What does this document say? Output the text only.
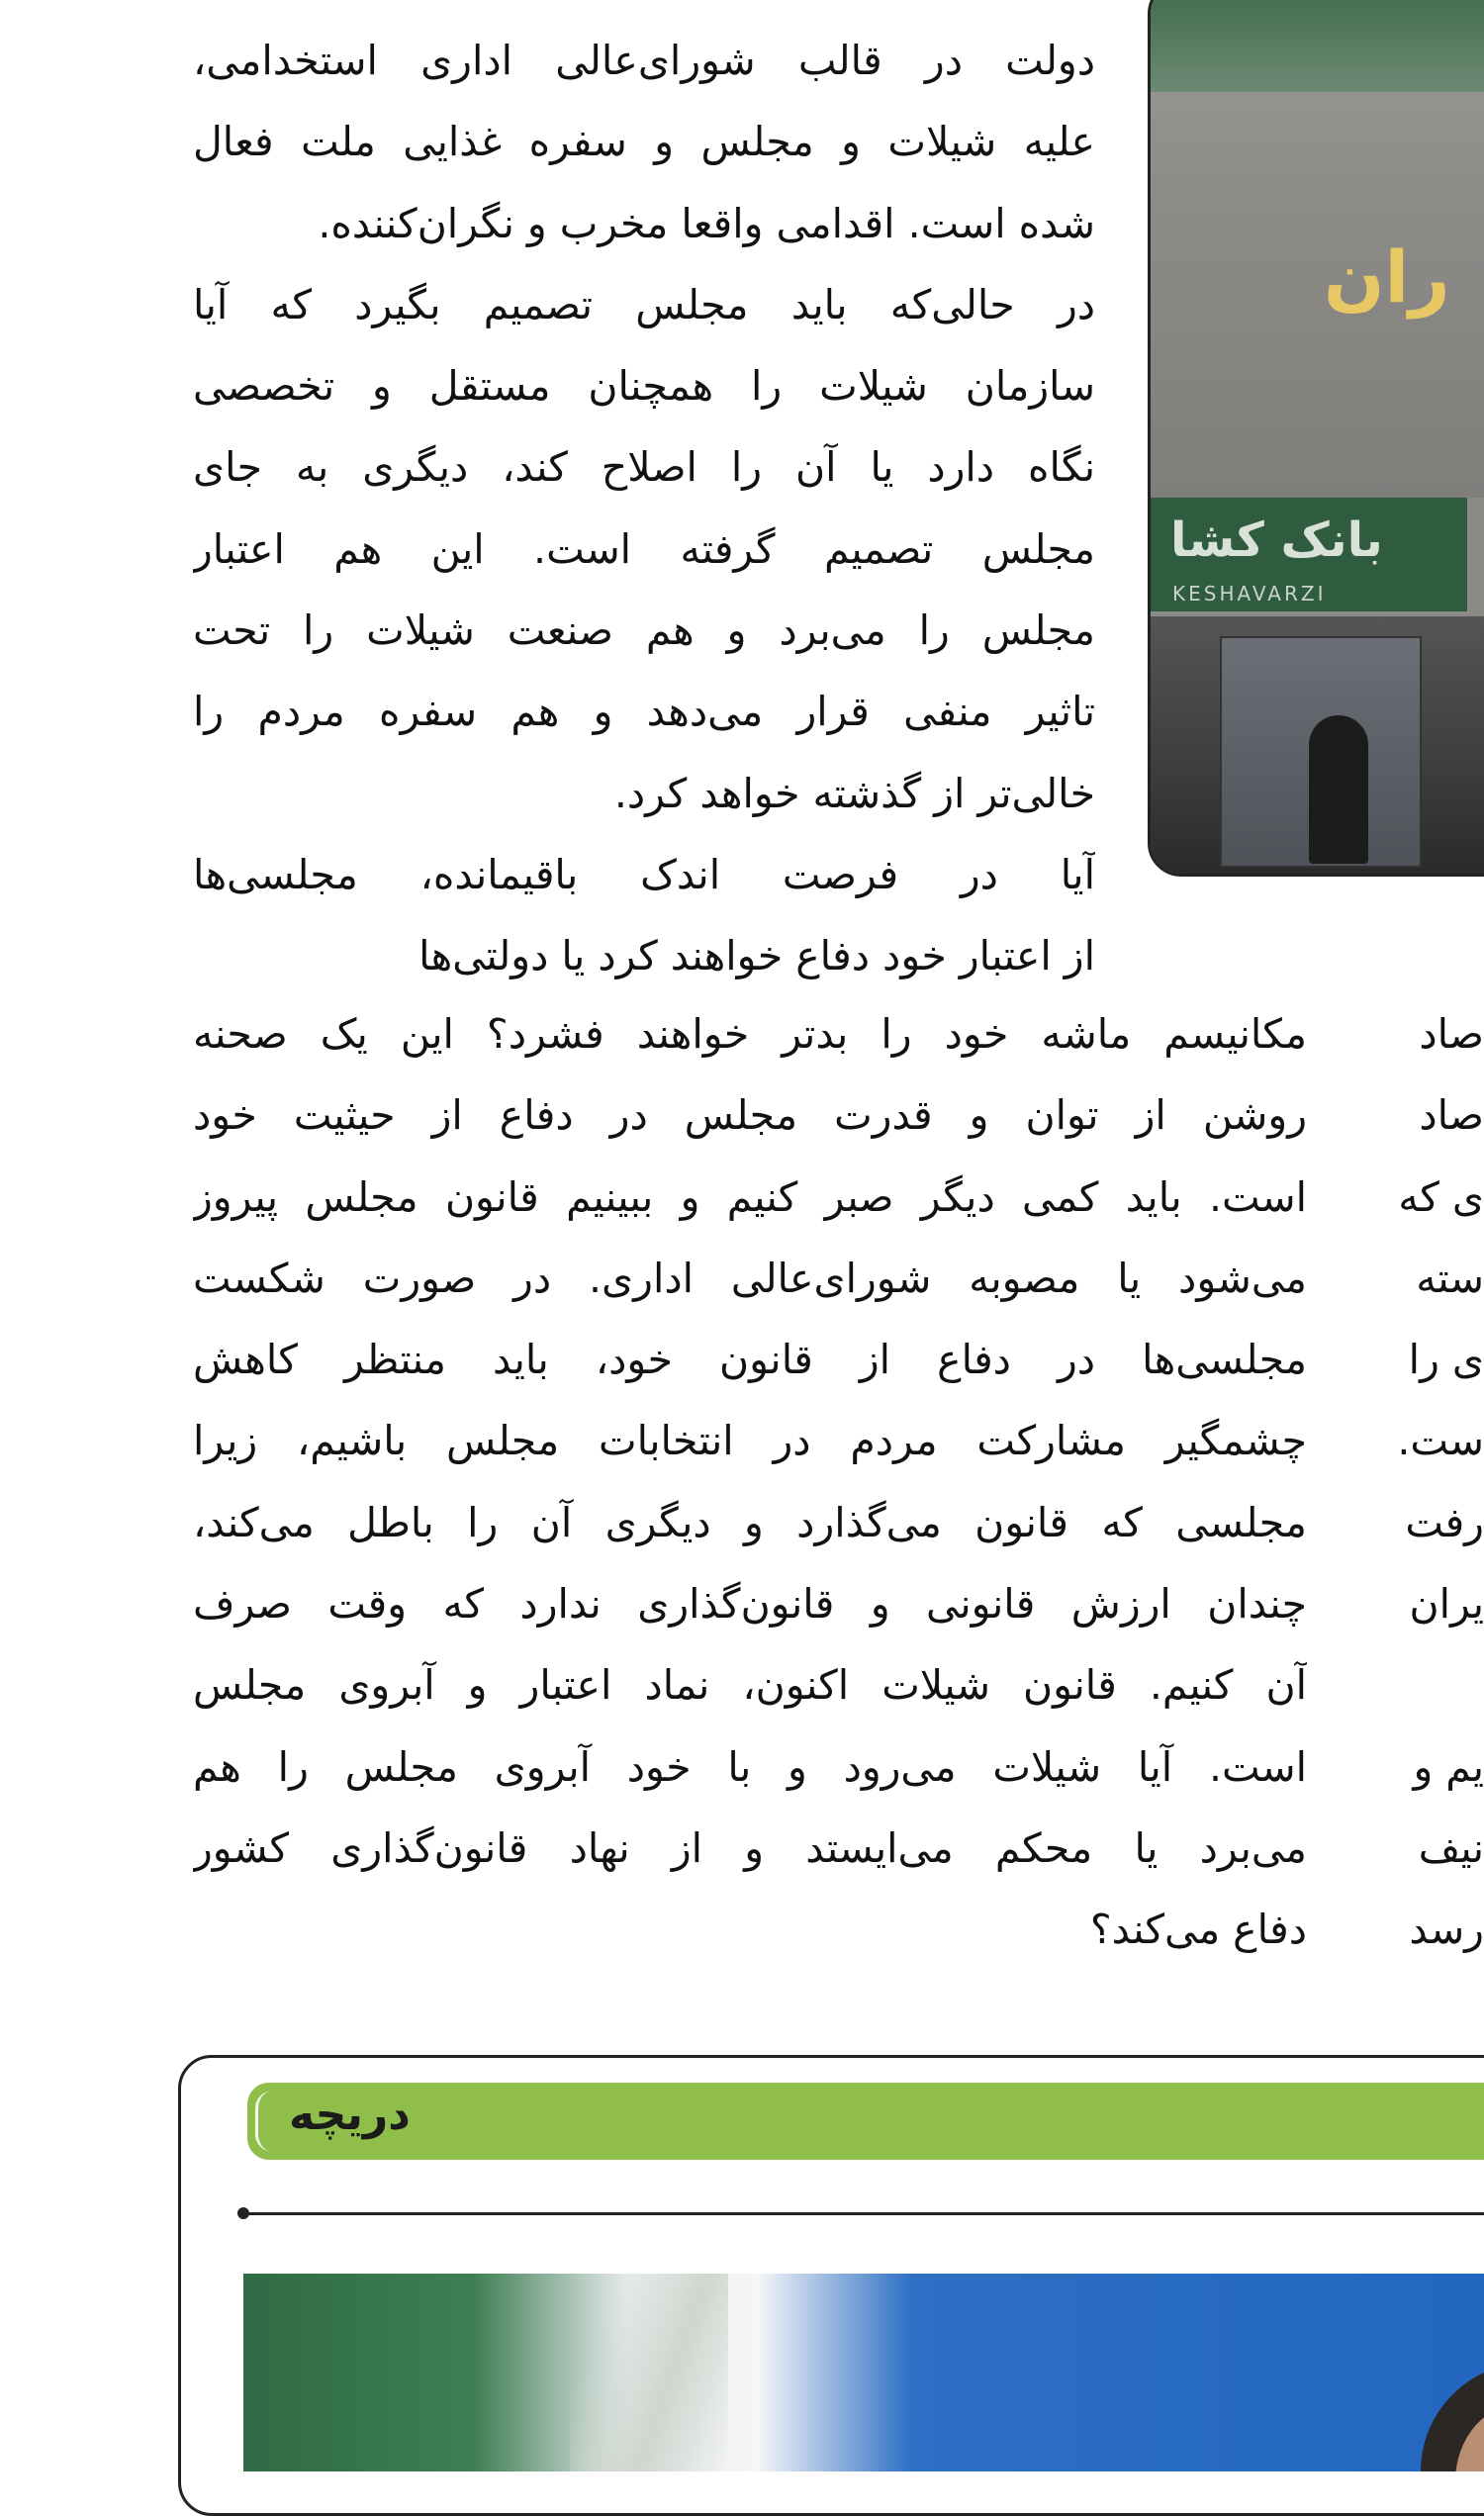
دولت در قالب شورای‌عالی اداری استخدامی،
علیه شیلات و مجلس و سفره غذایی ملت فعال
شده است. اقدامی واقعا مخرب و نگران‌کننده.
در حالی‌که باید مجلس تصمیم بگیرد که آیا
سازمان شیلات را همچنان مستقل و تخصصی
نگاه دارد یا آن را اصلاح کند، دیگری به جای
مجلس تصمیم گرفته است. این هم اعتبار
مجلس را می‌برد و هم صنعت شیلات را تحت
تاثیر منفی قرار می‌دهد و هم سفره مردم را
خالی‌تر از گذشته خواهد کرد.
آیا در فرصت اندک باقیمانده، مجلسی‌ها
از اعتبار خود دفاع خواهند کرد یا دولتی‌ها
مکانیسم ماشه خود را بدتر خواهند فشرد؟ این یک صحنه
روشن از توان و قدرت مجلس در دفاع از حیثیت خود
است. باید کمی دیگر صبر کنیم و ببینیم قانون مجلس پیروز
می‌شود یا مصوبه شورای‌عالی اداری. در صورت شکست
مجلسی‌ها در دفاع از قانون خود، باید منتظر کاهش
چشمگیر مشارکت مردم در انتخابات مجلس باشیم، زیرا
مجلسی که قانون می‌گذارد و دیگری آن را باطل می‌کند،
چندان ارزش قانونی و قانون‌گذاری ندارد که وقت صرف
آن کنیم. قانون شیلات اکنون، نماد اعتبار و آبروی مجلس
است. آیا شیلات می‌رود و با خود آبروی مجلس را هم
می‌برد یا محکم می‌ایستد و از نهاد قانون‌گذاری کشور
دفاع می‌کند؟
صاد
صاد
ی که
سته
ی را
ست.
رفت
یران
یم و
نیف
رسد
ران
بانک کشا
KESHAVARZI
دریچه
